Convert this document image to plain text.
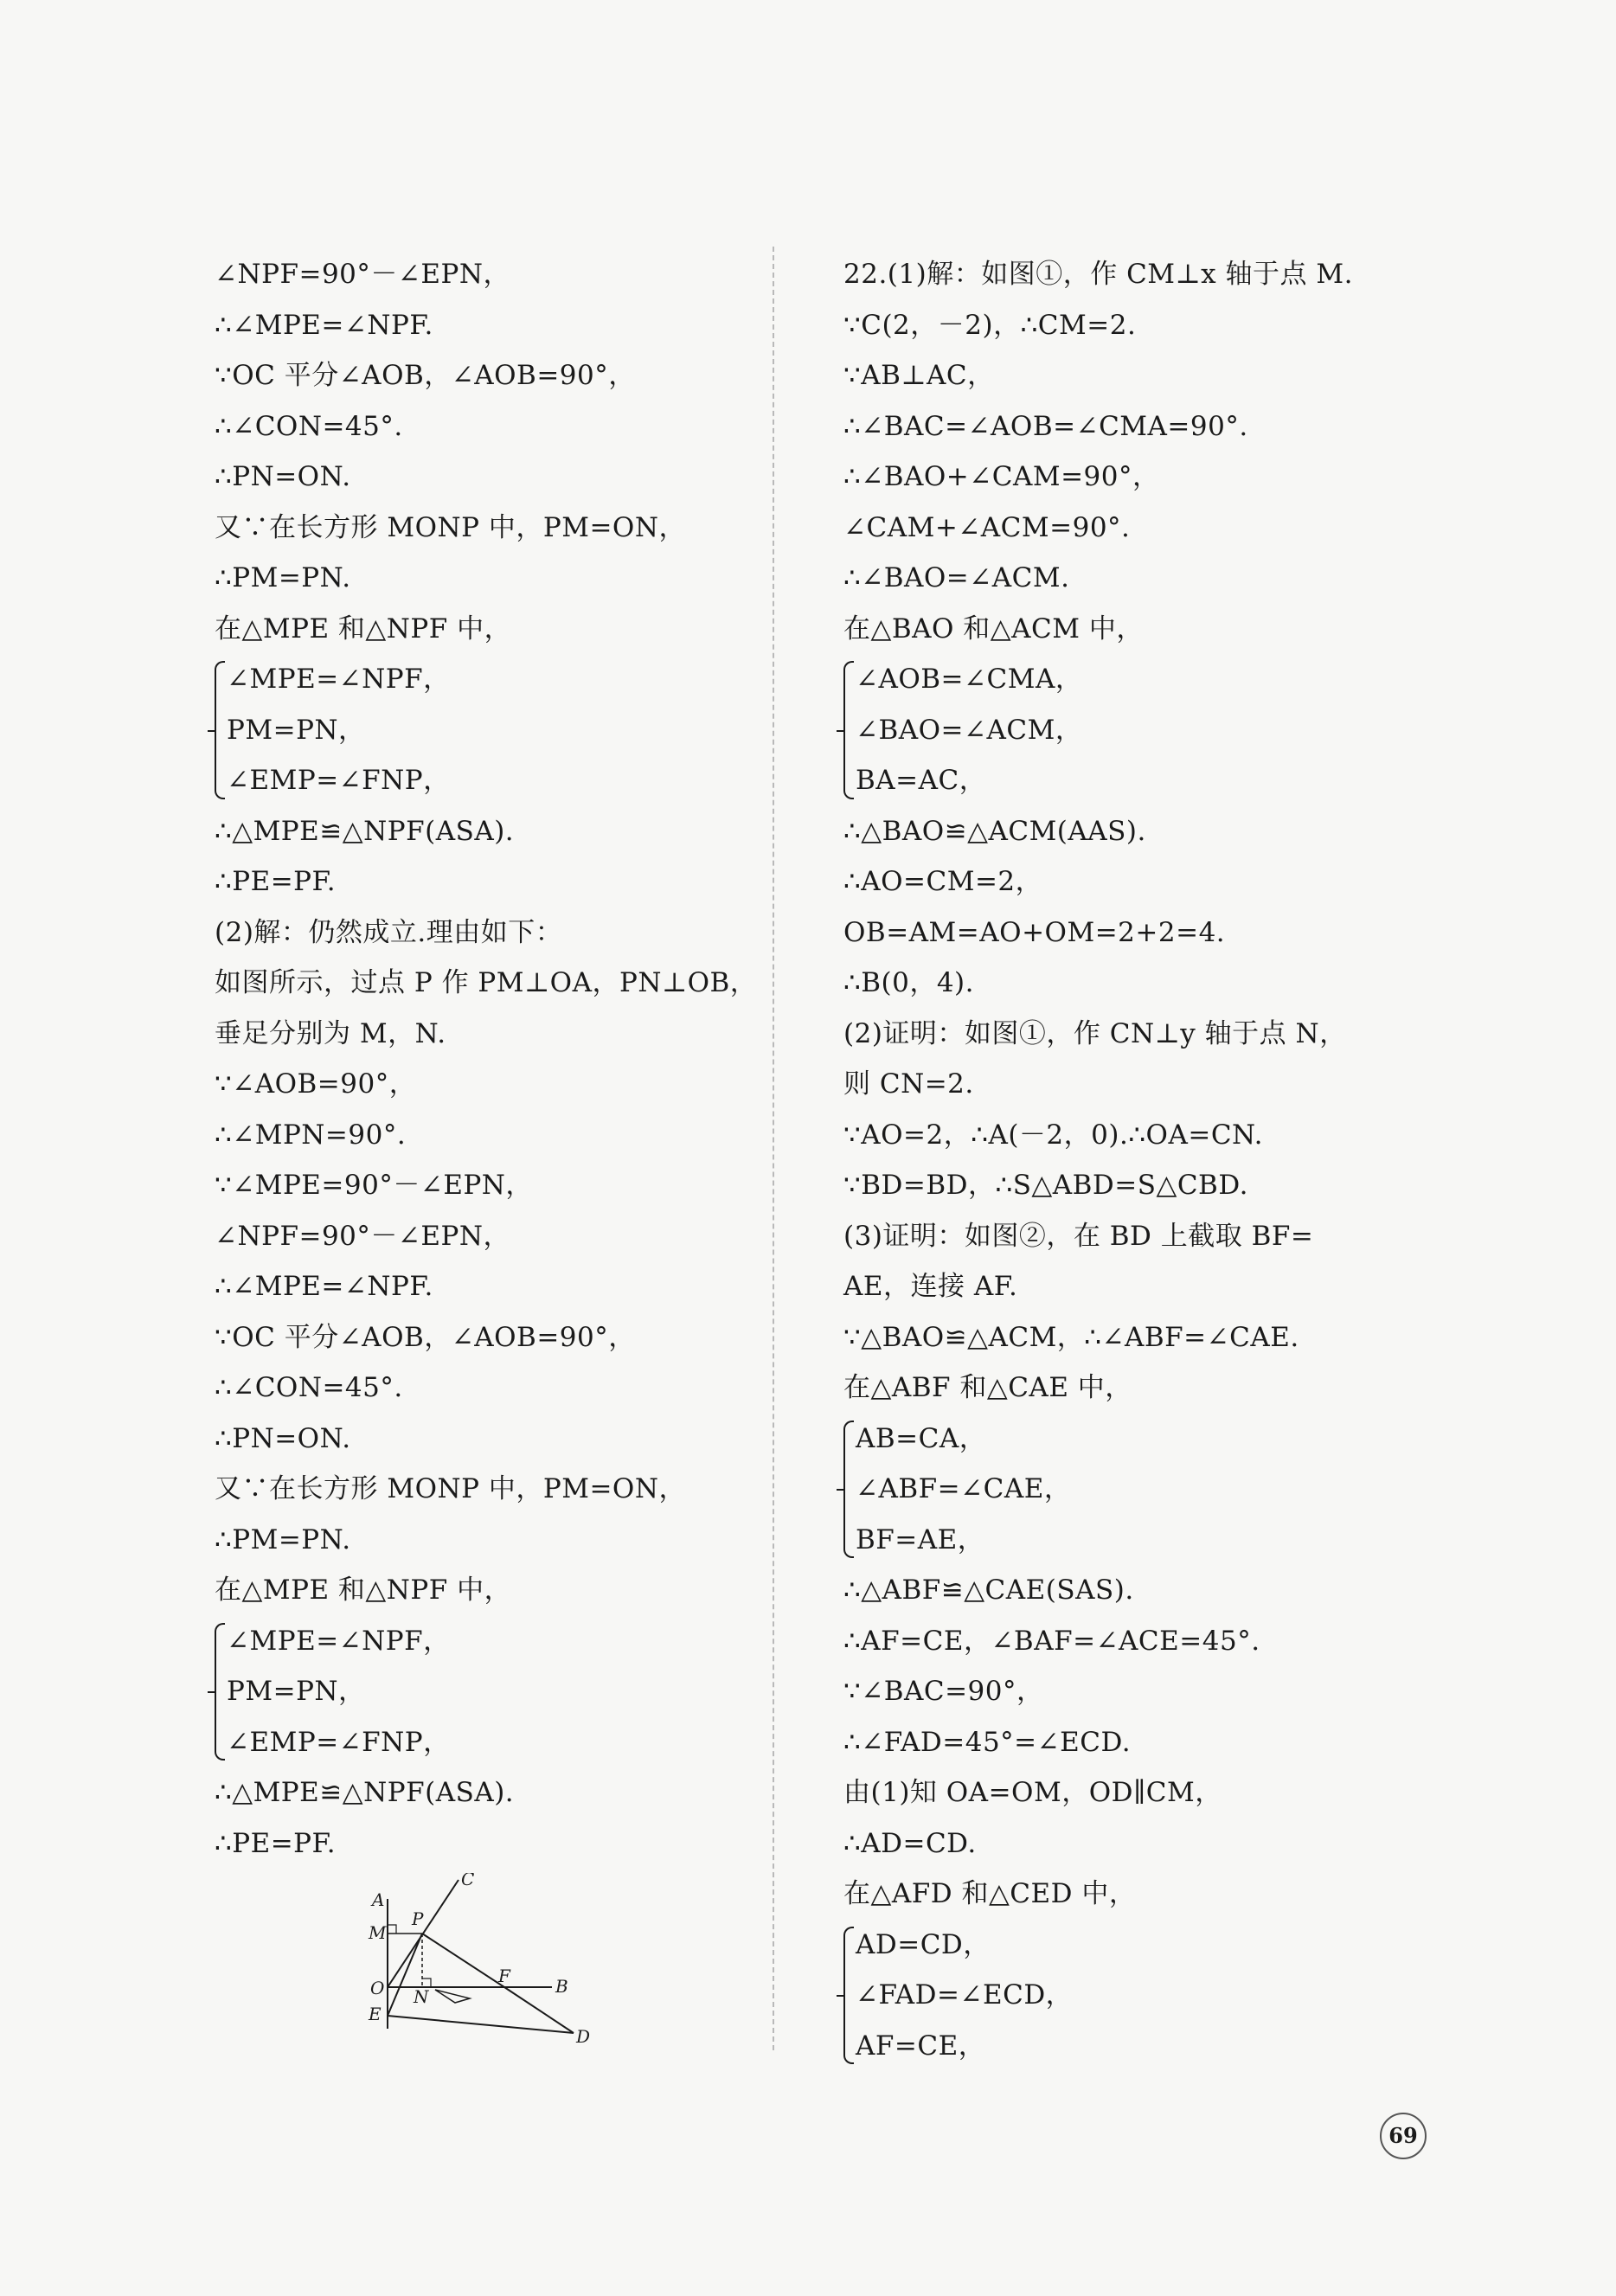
∠NPF=90°－∠EPN，
∴∠MPE=∠NPF.
∵OC 平分∠AOB，∠AOB=90°，
∴∠CON=45°.
∴PN=ON.
又∵在长方形 MONP 中，PM=ON，
∴PM=PN.
在△MPE 和△NPF 中，
∠MPE=∠NPF，
PM=PN，
∠EMP=∠FNP，
∴△MPE≌△NPF(ASA).
∴PE=PF.
(2)解：仍然成立.理由如下：
如图所示，过点 P 作 PM⊥OA，PN⊥OB，
垂足分别为 M，N.
∵∠AOB=90°，
∴∠MPN=90°.
∵∠MPE=90°－∠EPN，
∠NPF=90°－∠EPN，
∴∠MPE=∠NPF.
∵OC 平分∠AOB，∠AOB=90°，
∴∠CON=45°.
∴PN=ON.
又∵在长方形 MONP 中，PM=ON，
∴PM=PN.
在△MPE 和△NPF 中，
∠MPE=∠NPF，
PM=PN，
∠EMP=∠FNP，
∴△MPE≌△NPF(ASA).
∴PE=PF.
22.(1)解：如图①，作 CM⊥x 轴于点 M.
∵C(2，－2)，∴CM=2.
∵AB⊥AC，
∴∠BAC=∠AOB=∠CMA=90°.
∴∠BAO+∠CAM=90°，
∠CAM+∠ACM=90°.
∴∠BAO=∠ACM.
在△BAO 和△ACM 中，
∠AOB=∠CMA，
∠BAO=∠ACM，
BA=AC，
∴△BAO≌△ACM(AAS).
∴AO=CM=2，
OB=AM=AO+OM=2+2=4.
∴B(0，4).
(2)证明：如图①，作 CN⊥y 轴于点 N，
则 CN=2.
∵AO=2，∴A(－2，0).∴OA=CN.
∵BD=BD，∴S△ABD=S△CBD.
(3)证明：如图②，在 BD 上截取 BF=
AE，连接 AF.
∵△BAO≌△ACM，∴∠ABF=∠CAE.
在△ABF 和△CAE 中，
AB=CA，
∠ABF=∠CAE，
BF=AE，
∴△ABF≌△CAE(SAS).
∴AF=CE，∠BAF=∠ACE=45°.
∵∠BAC=90°，
∴∠FAD=45°=∠ECD.
由(1)知 OA=OM，OD∥CM，
∴AD=CD.
在△AFD 和△CED 中，
AD=CD，
∠FAD=∠ECD，
AF=CE，
A
C
M
P
O N
F	B
E
D
69
